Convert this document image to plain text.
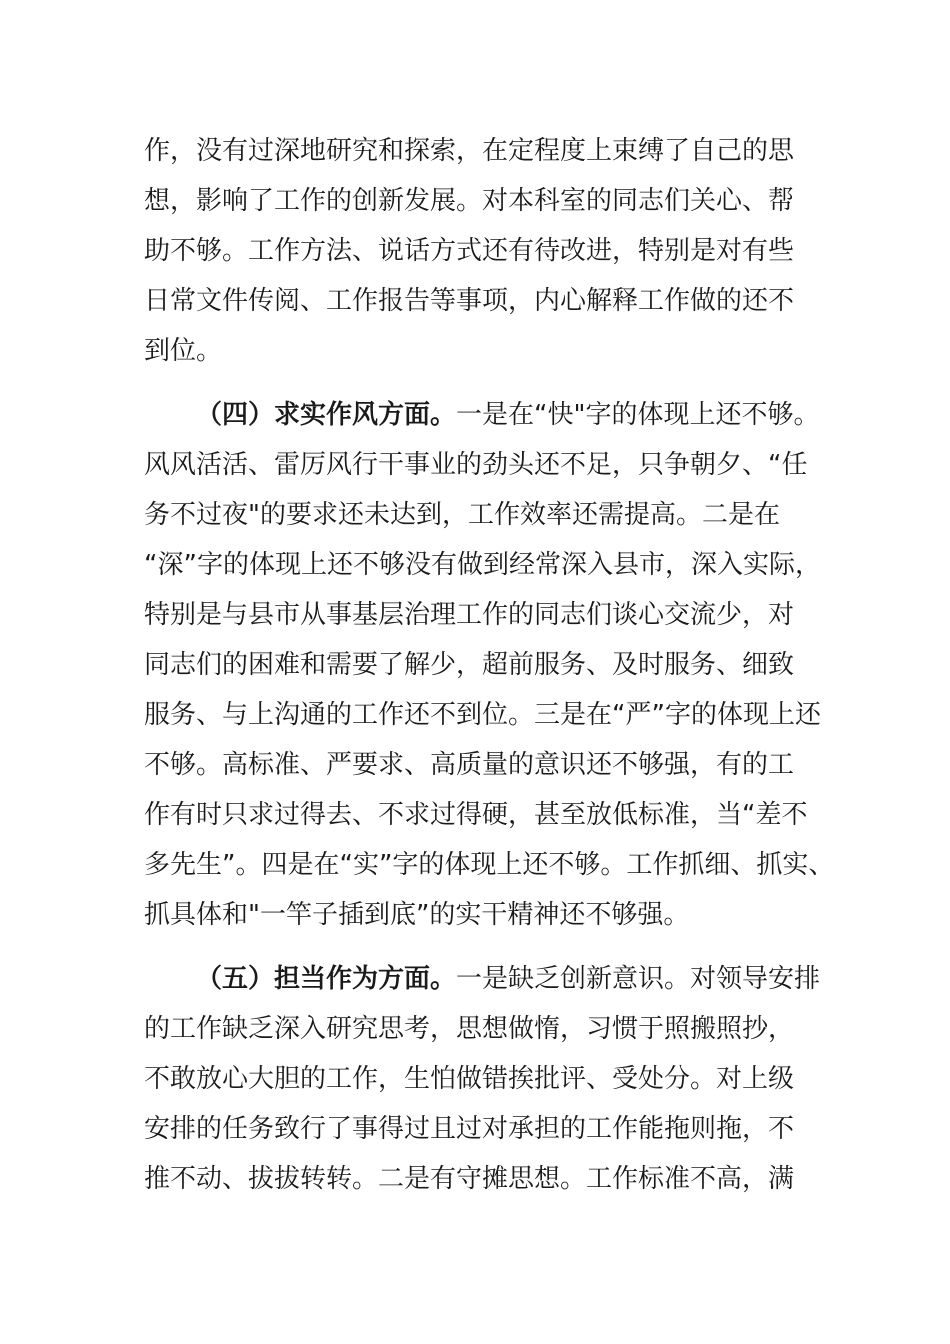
作，没有过深地研究和探索，在定程度上束缚了自己的思
想，影响了工作的创新发展。对本科室的同志们关心、帮
助不够。工作方法、说话方式还有待改进，特别是对有些
日常文件传阅、工作报告等事项，内心解释工作做的还不
到位。
（四）求实作风方面。一是在“快"字的体现上还不够。
风风活活、雷厉风行干事业的劲头还不足，只争朝夕、“任
务不过夜"的要求还未达到，工作效率还需提高。二是在
“深”字的体现上还不够没有做到经常深入县市，深入实际，
特别是与县市从事基层治理工作的同志们谈心交流少，对
同志们的困难和需要了解少，超前服务、及时服务、细致
服务、与上沟通的工作还不到位。三是在“严”字的体现上还
不够。高标准、严要求、高质量的意识还不够强，有的工
作有时只求过得去、不求过得硬，甚至放低标准，当“差不
多先生”。四是在“实”字的体现上还不够。工作抓细、抓实、
抓具体和"一竿子插到底”的实干精神还不够强。
（五）担当作为方面。一是缺乏创新意识。对领导安排
的工作缺乏深入研究思考，思想做惰，习惯于照搬照抄，
不敢放心大胆的工作，生怕做错挨批评、受处分。对上级
安排的任务致行了事得过且过对承担的工作能拖则拖，不
推不动、拔拔转转。二是有守摊思想。工作标准不高，满
